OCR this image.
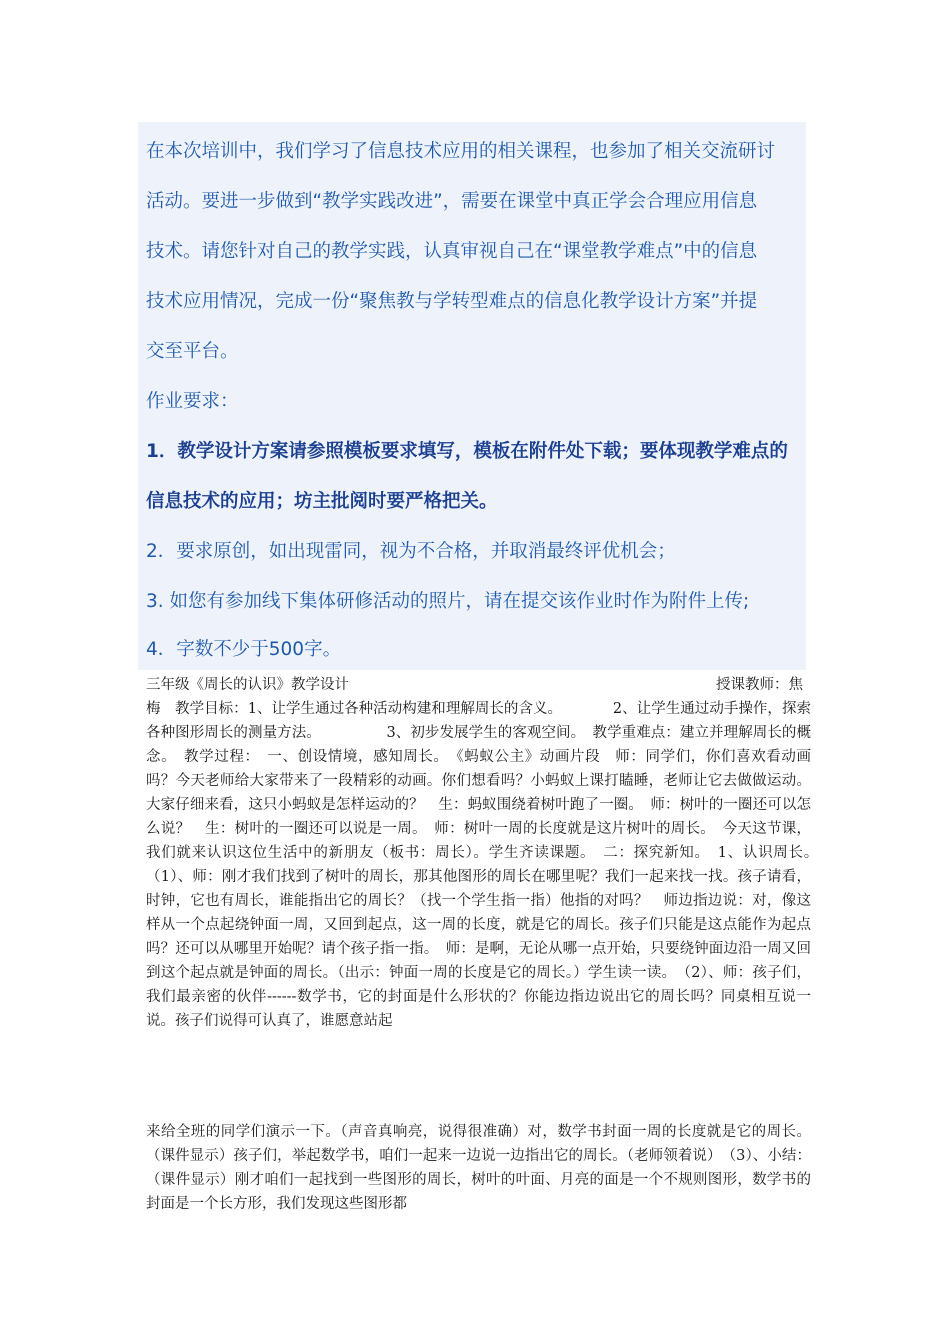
在本次培训中，我们学习了信息技术应用的相关课程，也参加了相关交流研讨
活动。要进一步做到“教学实践改进”，需要在课堂中真正学会合理应用信息
技术。请您针对自己的教学实践，认真审视自己在“课堂教学难点”中的信息
技术应用情况，完成一份“聚焦教与学转型难点的信息化教学设计方案”并提
交至平台。
作业要求：
1．教学设计方案请参照模板要求填写，模板在附件处下载；要体现教学难点的
信息技术的应用；坊主批阅时要严格把关。
2．要求原创，如出现雷同，视为不合格，并取消最终评优机会；
3. 如您有参加线下集体研修活动的照片，请在提交该作业时作为附件上传;
4．字数不少于500字。
三年级《周长的认识》教学设计	授课教师：焦

梅　教学目标：1、让学生通过各种活动构建和理解周长的含义。　　　　2、让学生通过动手操作，探索各种图形周长的测量方法。　　　　　3、初步发展学生的客观空间。　教学重难点：建立并理解周长的概念。　教学过程：　一、创设情境，感知周长。　《蚂蚁公主》动画片段　师：同学们，你们喜欢看动画吗？今天老师给大家带来了一段精彩的动画。你们想看吗？小蚂蚁上课打瞌睡，老师让它去做做运动。大家仔细来看，这只小蚂蚁是怎样运动的？　生：蚂蚁围绕着树叶跑了一圈。　师：树叶的一圈还可以怎么说？　生：树叶的一圈还可以说是一周。　师：树叶一周的长度就是这片树叶的周长。　今天这节课，我们就来认识这位生活中的新朋友（板书：周长）。学生齐读课题。　二：探究新知。　1、认识周长。　（1）、师：刚才我们找到了树叶的周长，那其他图形的周长在哪里呢？我们一起来找一找。孩子请看，时钟，它也有周长，谁能指出它的周长？（找一个学生指一指）他指的对吗？　师边指边说：对，像这样从一个点起绕钟面一周，又回到起点，这一周的长度，就是它的周长。孩子们只能是这点能作为起点吗？还可以从哪里开始呢？请个孩子指一指。　师：是啊，无论从哪一点开始，只要绕钟面边沿一周又回到这个起点就是钟面的周长。（出示：钟面一周的长度是它的周长。）学生读一读。　（2）、师：孩子们，我们最亲密的伙伴------数学书，它的封面是什么形状的？你能边指边说出它的周长吗？同桌相互说一说。孩子们说得可认真了，谁愿意站起

来给全班的同学们演示一下。（声音真响亮，说得很准确）对，数学书封面一周的长度就是它的周长。（课件显示）孩子们，举起数学书，咱们一起来一边说一边指出它的周长。（老师领着说）　（3）、小结：（课件显示）刚才咱们一起找到一些图形的周长，树叶的叶面、月亮的面是一个不规则图形，数学书的封面是一个长方形，我们发现这些图形都
